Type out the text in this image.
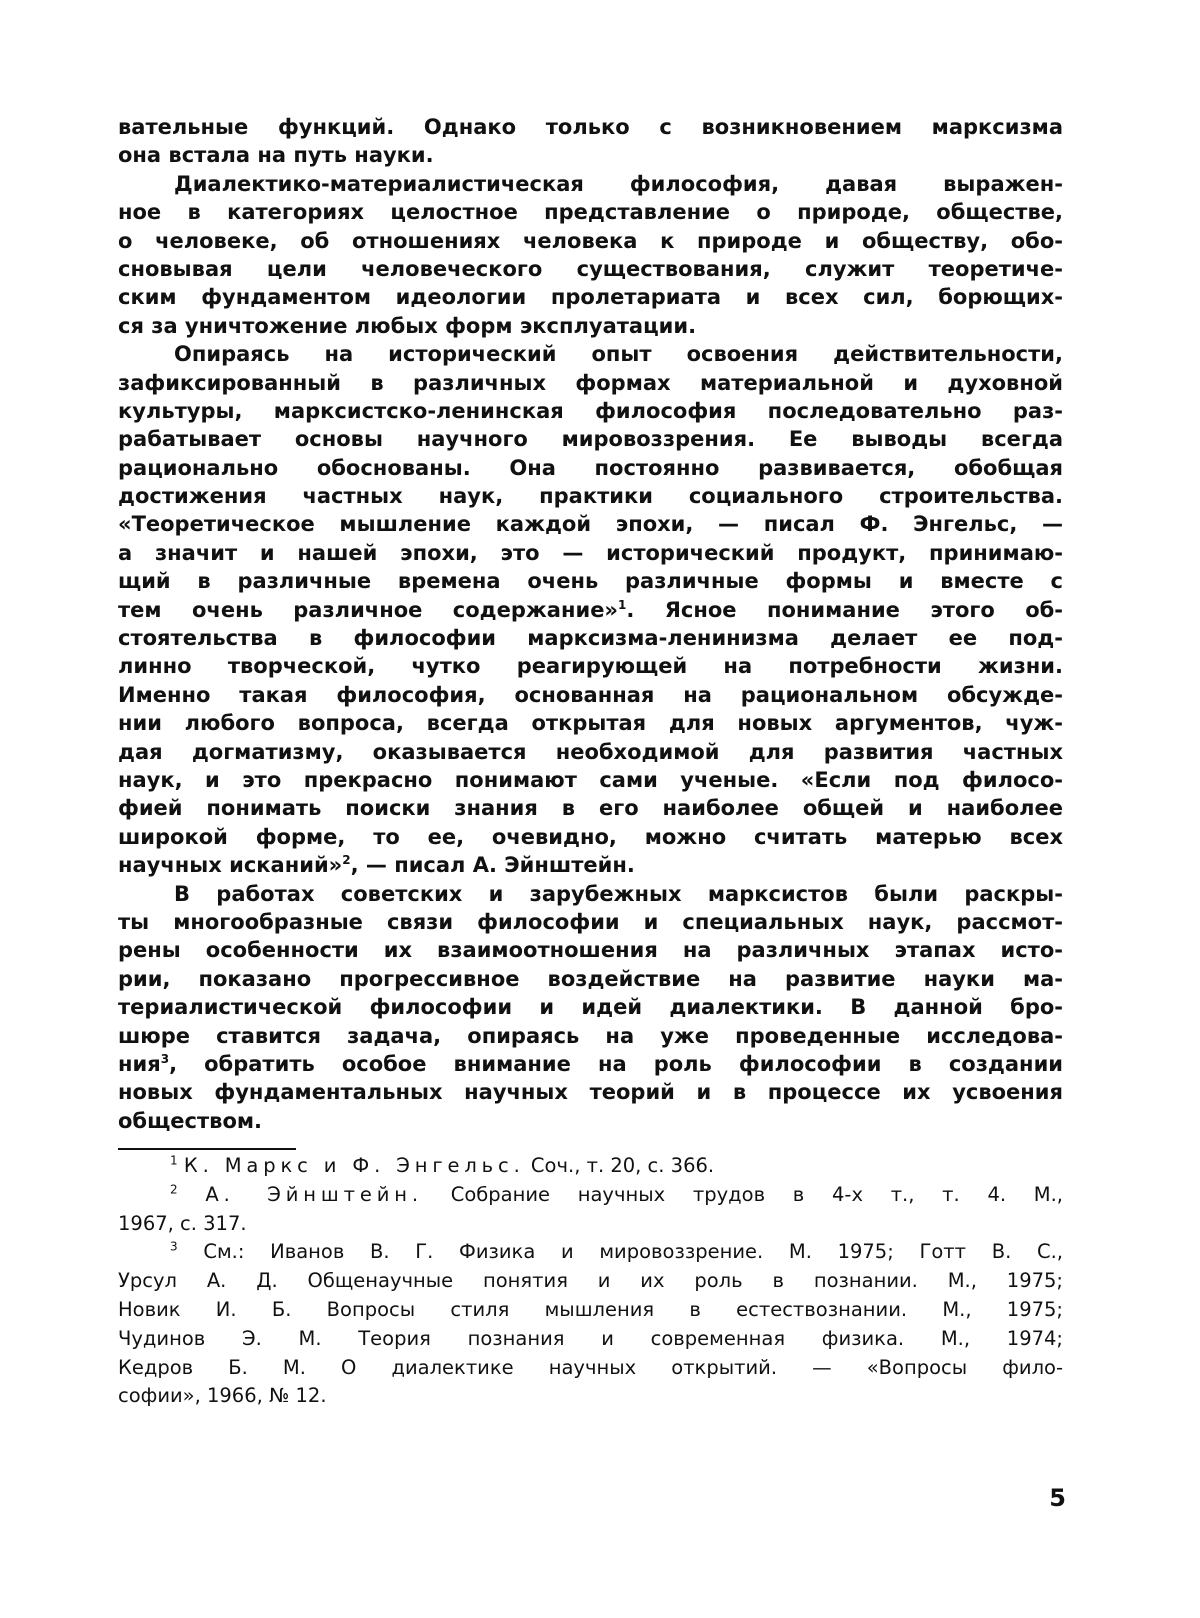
вательные функций. Однако только с возникновением марксизма
она встала на путь науки.
Диалектико-материалистическая философия, давая выражен-
ное в категориях целостное представление о природе, обществе,
о человеке, об отношениях человека к природе и обществу, обо-
сновывая цели человеческого существования, служит теоретиче-
ским фундаментом идеологии пролетариата и всех сил, борющих-
ся за уничтожение любых форм эксплуатации.
Опираясь на исторический опыт освоения действительности,
зафиксированный в различных формах материальной и духовной
культуры, марксистско-ленинская философия последовательно раз-
рабатывает основы научного мировоззрения. Ее выводы всегда
рационально обоснованы. Она постоянно развивается, обобщая
достижения частных наук, практики социального строительства.
«Теоретическое мышление каждой эпохи, — писал Ф. Энгельс, —
а значит и нашей эпохи, это — исторический продукт, принимаю-
щий в различные времена очень различные формы и вместе с
тем очень различное содержание»$^1$. Ясное понимание этого об-
стоятельства в философии марксизма-ленинизма делает ее под-
линно творческой, чутко реагирующей на потребности жизни.
Именно такая философия, основанная на рациональном обсужде-
нии любого вопроса, всегда открытая для новых аргументов, чуж-
дая догматизму, оказывается необходимой для развития частных
наук, и это прекрасно понимают сами ученые. «Если под филосо-
фией понимать поиски знания в его наиболее общей и наиболее
широкой форме, то ее, очевидно, можно считать матерью всех
научных исканий»$^2$, — писал А. Эйнштейн.
В работах советских и зарубежных марксистов были раскры-
ты многообразные связи философии и специальных наук, рассмот-
рены особенности их взаимоотношения на различных этапах исто-
рии, показано прогрессивное воздействие на развитие науки ма-
териалистической философии и идей диалектики. В данной бро-
шюре ставится задача, опираясь на уже проведенные исследова-
ния$^3$, обратить особое внимание на роль философии в создании
новых фундаментальных научных теорий и в процессе их усвоения
обществом.
$^1$ К. Маркс и Ф. Энгельс. Соч., т. 20, с. 366.
$^2$ А. Эйнштейн. Собрание научных трудов в 4-х т., т. 4. М.,
1967, с. 317.
$^3$ См.: Иванов В. Г. Физика и мировоззрение. М. 1975; Готт В. С.,
Урсул А. Д. Общенаучные понятия и их роль в познании. М., 1975;
Новик И. Б. Вопросы стиля мышления в естествознании. М., 1975;
Чудинов Э. М. Теория познания и современная физика. М., 1974;
Кедров Б. М. О диалектике научных открытий. — «Вопросы фило-
софии», 1966, № 12.
5
